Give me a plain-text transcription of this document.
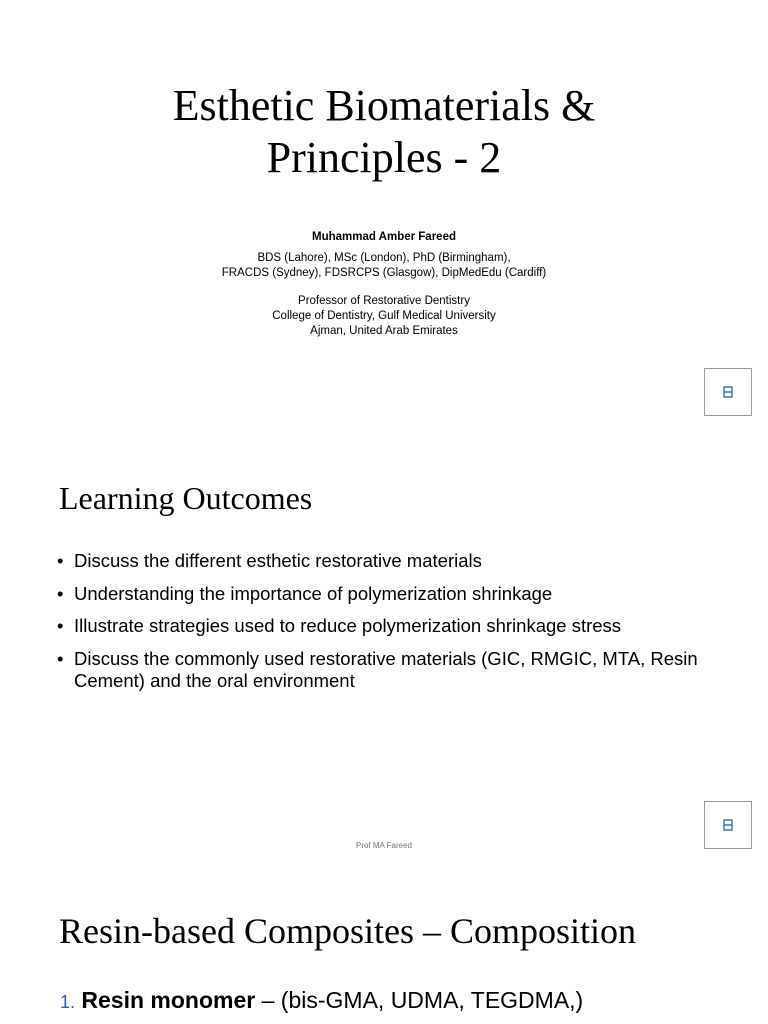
Esthetic Biomaterials &
Principles - 2
Muhammad Amber Fareed
BDS (Lahore), MSc (London), PhD (Birmingham),
FRACDS (Sydney), FDSRCPS (Glasgow), DipMedEdu (Cardiff)
Professor of Restorative Dentistry
College of Dentistry, Gulf Medical University
Ajman, United Arab Emirates
Learning Outcomes
• Discuss the different esthetic restorative materials
• Understanding the importance of polymerization shrinkage
• Illustrate strategies used to reduce polymerization shrinkage stress
• Discuss the commonly used restorative materials (GIC, RMGIC, MTA, Resin Cement) and the oral environment
Prof MA Fareed
Resin-based Composites – Composition
1. Resin monomer – (bis-GMA, UDMA, TEGDMA,)
